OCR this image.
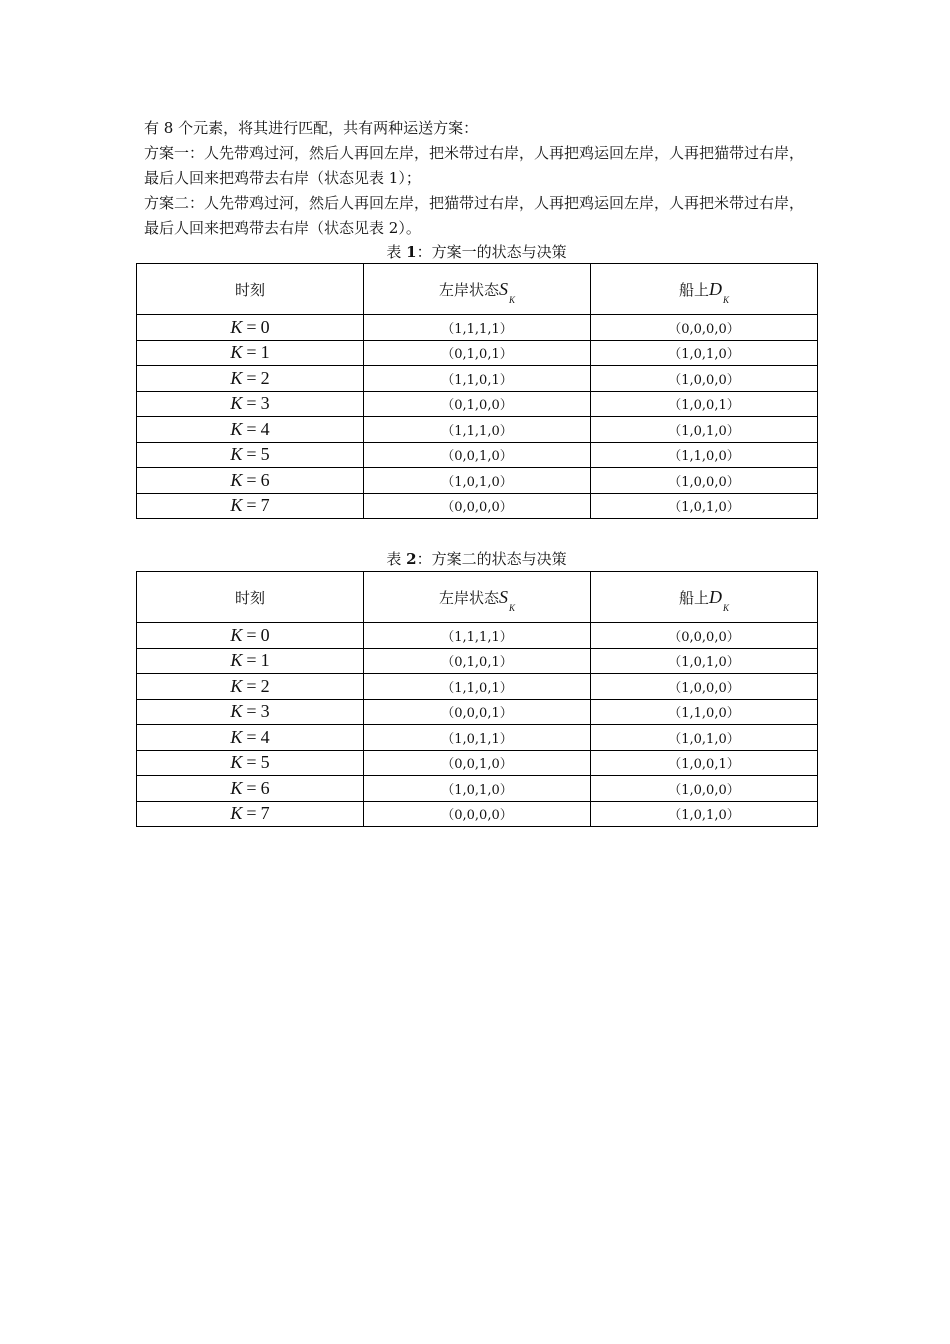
有 8 个元素，将其进行匹配，共有两种运送方案：

方案一：人先带鸡过河，然后人再回左岸，把米带过右岸，人再把鸡运回左岸，人再把猫带过右岸，最后人回来把鸡带去右岸（状态见表 1）；

方案二：人先带鸡过河，然后人再回左岸，把猫带过右岸，人再把鸡运回左岸，人再把米带过右岸，最后人回来把鸡带去右岸（状态见表 2）。

表 1：方案一的状态与决策
时刻	左岸状态$S_K$	船上$D_K$
K = 0	（1,1,1,1）	（0,0,0,0）
K = 1	（0,1,0,1）	（1,0,1,0）
K = 2	（1,1,0,1）	（1,0,0,0）
K = 3	（0,1,0,0）	（1,0,0,1）
K = 4	（1,1,1,0）	（1,0,1,0）
K = 5	（0,0,1,0）	（1,1,0,0）
K = 6	（1,0,1,0）	（1,0,0,0）
K = 7	（0,0,0,0）	（1,0,1,0）
表 2：方案二的状态与决策
时刻	左岸状态$S_K$	船上$D_K$
K = 0	（1,1,1,1）	（0,0,0,0）
K = 1	（0,1,0,1）	（1,0,1,0）
K = 2	（1,1,0,1）	（1,0,0,0）
K = 3	（0,0,0,1）	（1,1,0,0）
K = 4	（1,0,1,1）	（1,0,1,0）
K = 5	（0,0,1,0）	（1,0,0,1）
K = 6	（1,0,1,0）	（1,0,0,0）
K = 7	（0,0,0,0）	（1,0,1,0）
